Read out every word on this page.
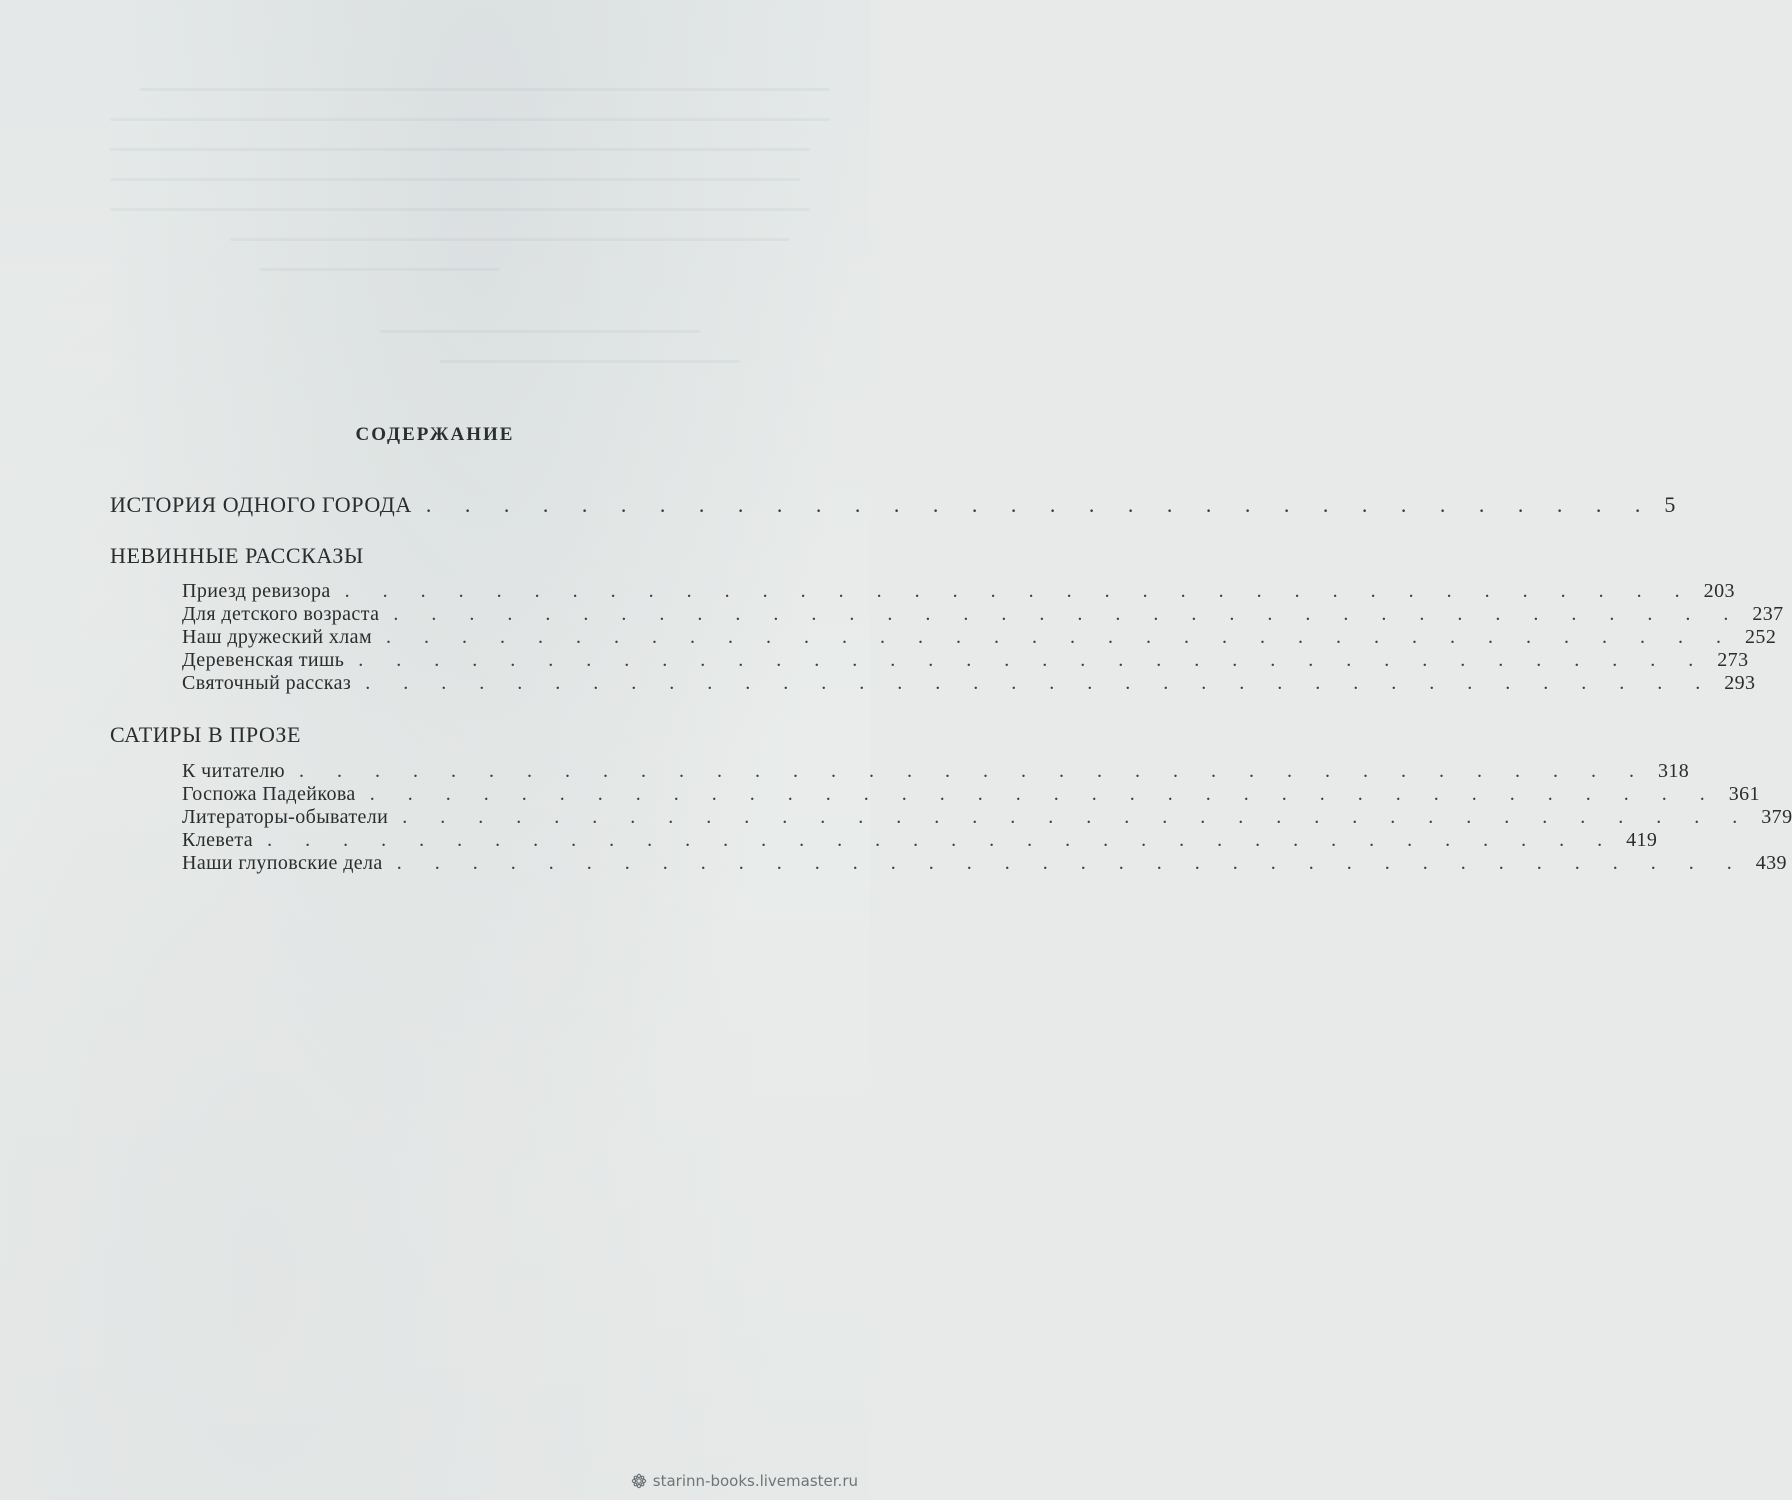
СОДЕРЖАНИЕ
ИСТОРИЯ ОДНОГО ГОРОДА . . . . . . . . . . . . . . . . . . . . . . . . . . . . . . . . 5
НЕВИННЫЕ РАССКАЗЫ
Приезд ревизора . . . . . . . . . . . . . . . . . . . . . . . . . . . . . . . . . . . . 203
Для детского возраста . . . . . . . . . . . . . . . . . . . . . . . . . . . . . . . . . . . . 237
Наш дружеский хлам . . . . . . . . . . . . . . . . . . . . . . . . . . . . . . . . . . . . 252
Деревенская тишь . . . . . . . . . . . . . . . . . . . . . . . . . . . . . . . . . . . . 273
Святочный рассказ . . . . . . . . . . . . . . . . . . . . . . . . . . . . . . . . . . . . 293
САТИРЫ В ПРОЗЕ
К читателю . . . . . . . . . . . . . . . . . . . . . . . . . . . . . . . . . . . . 318
Госпожа Падейкова . . . . . . . . . . . . . . . . . . . . . . . . . . . . . . . . . . . . 361
Литераторы-обыватели . . . . . . . . . . . . . . . . . . . . . . . . . . . . . . . . . . . . 379
Клевета . . . . . . . . . . . . . . . . . . . . . . . . . . . . . . . . . . . . 419
Наши глуповские дела . . . . . . . . . . . . . . . . . . . . . . . . . . . . . . . . . . . . 439
starinn-books.livemaster.ru
